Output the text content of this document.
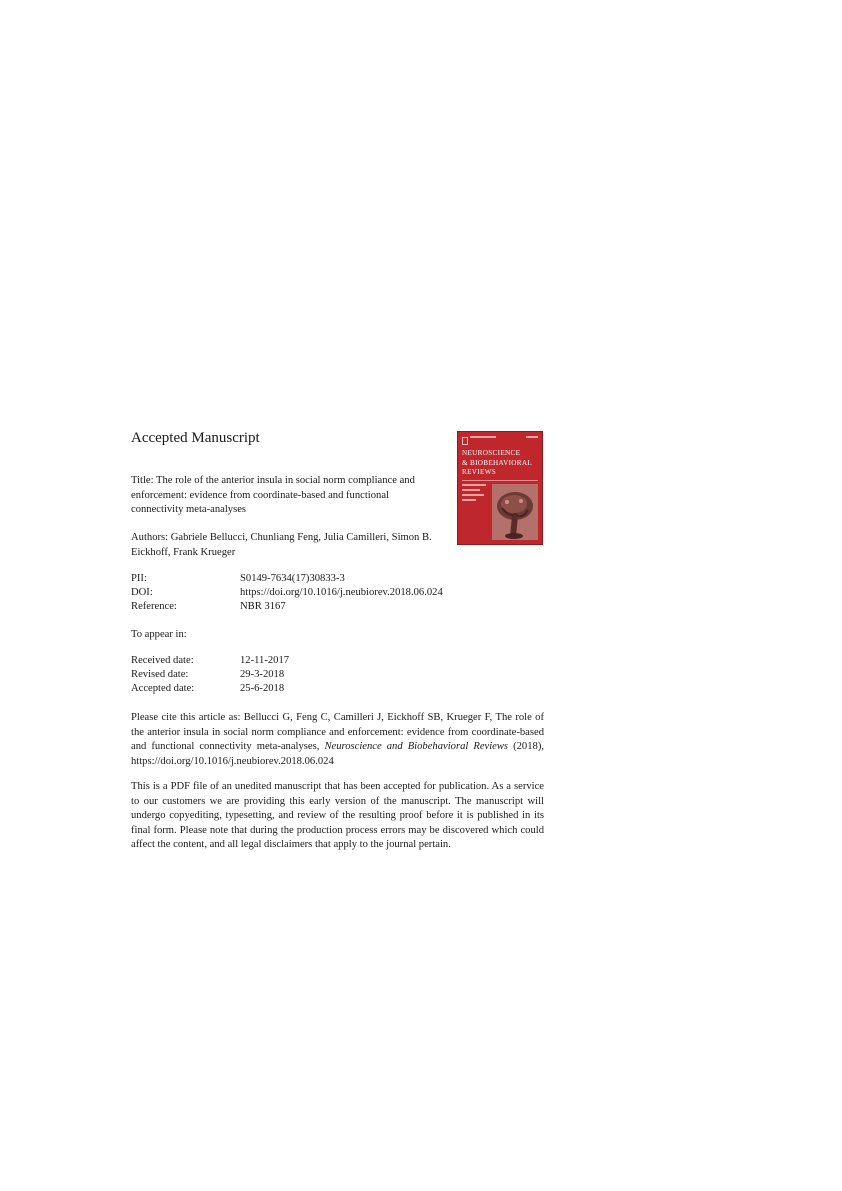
Accepted Manuscript
NEUROSCIENCE
& BIOBEHAVIORAL
REVIEWS
Title: The role of the anterior insula in social norm compliance and enforcement: evidence from coordinate-based and functional connectivity meta-analyses
Authors: Gabriele Bellucci, Chunliang Feng, Julia Camilleri, Simon B. Eickhoff, Frank Krueger
PII:	S0149-7634(17)30833-3
DOI:	https://doi.org/10.1016/j.neubiorev.2018.06.024
Reference:	NBR 3167
To appear in:
Received date:	12-11-2017
Revised date:	29-3-2018
Accepted date:	25-6-2018
Please cite this article as: Bellucci G, Feng C, Camilleri J, Eickhoff SB, Krueger F, The role of the anterior insula in social norm compliance and enforcement: evidence from coordinate-based and functional connectivity meta-analyses, Neuroscience and Biobehavioral Reviews (2018), https://doi.org/10.1016/j.neubiorev.2018.06.024
This is a PDF file of an unedited manuscript that has been accepted for publication. As a service to our customers we are providing this early version of the manuscript. The manuscript will undergo copyediting, typesetting, and review of the resulting proof before it is published in its final form. Please note that during the production process errors may be discovered which could affect the content, and all legal disclaimers that apply to the journal pertain.
